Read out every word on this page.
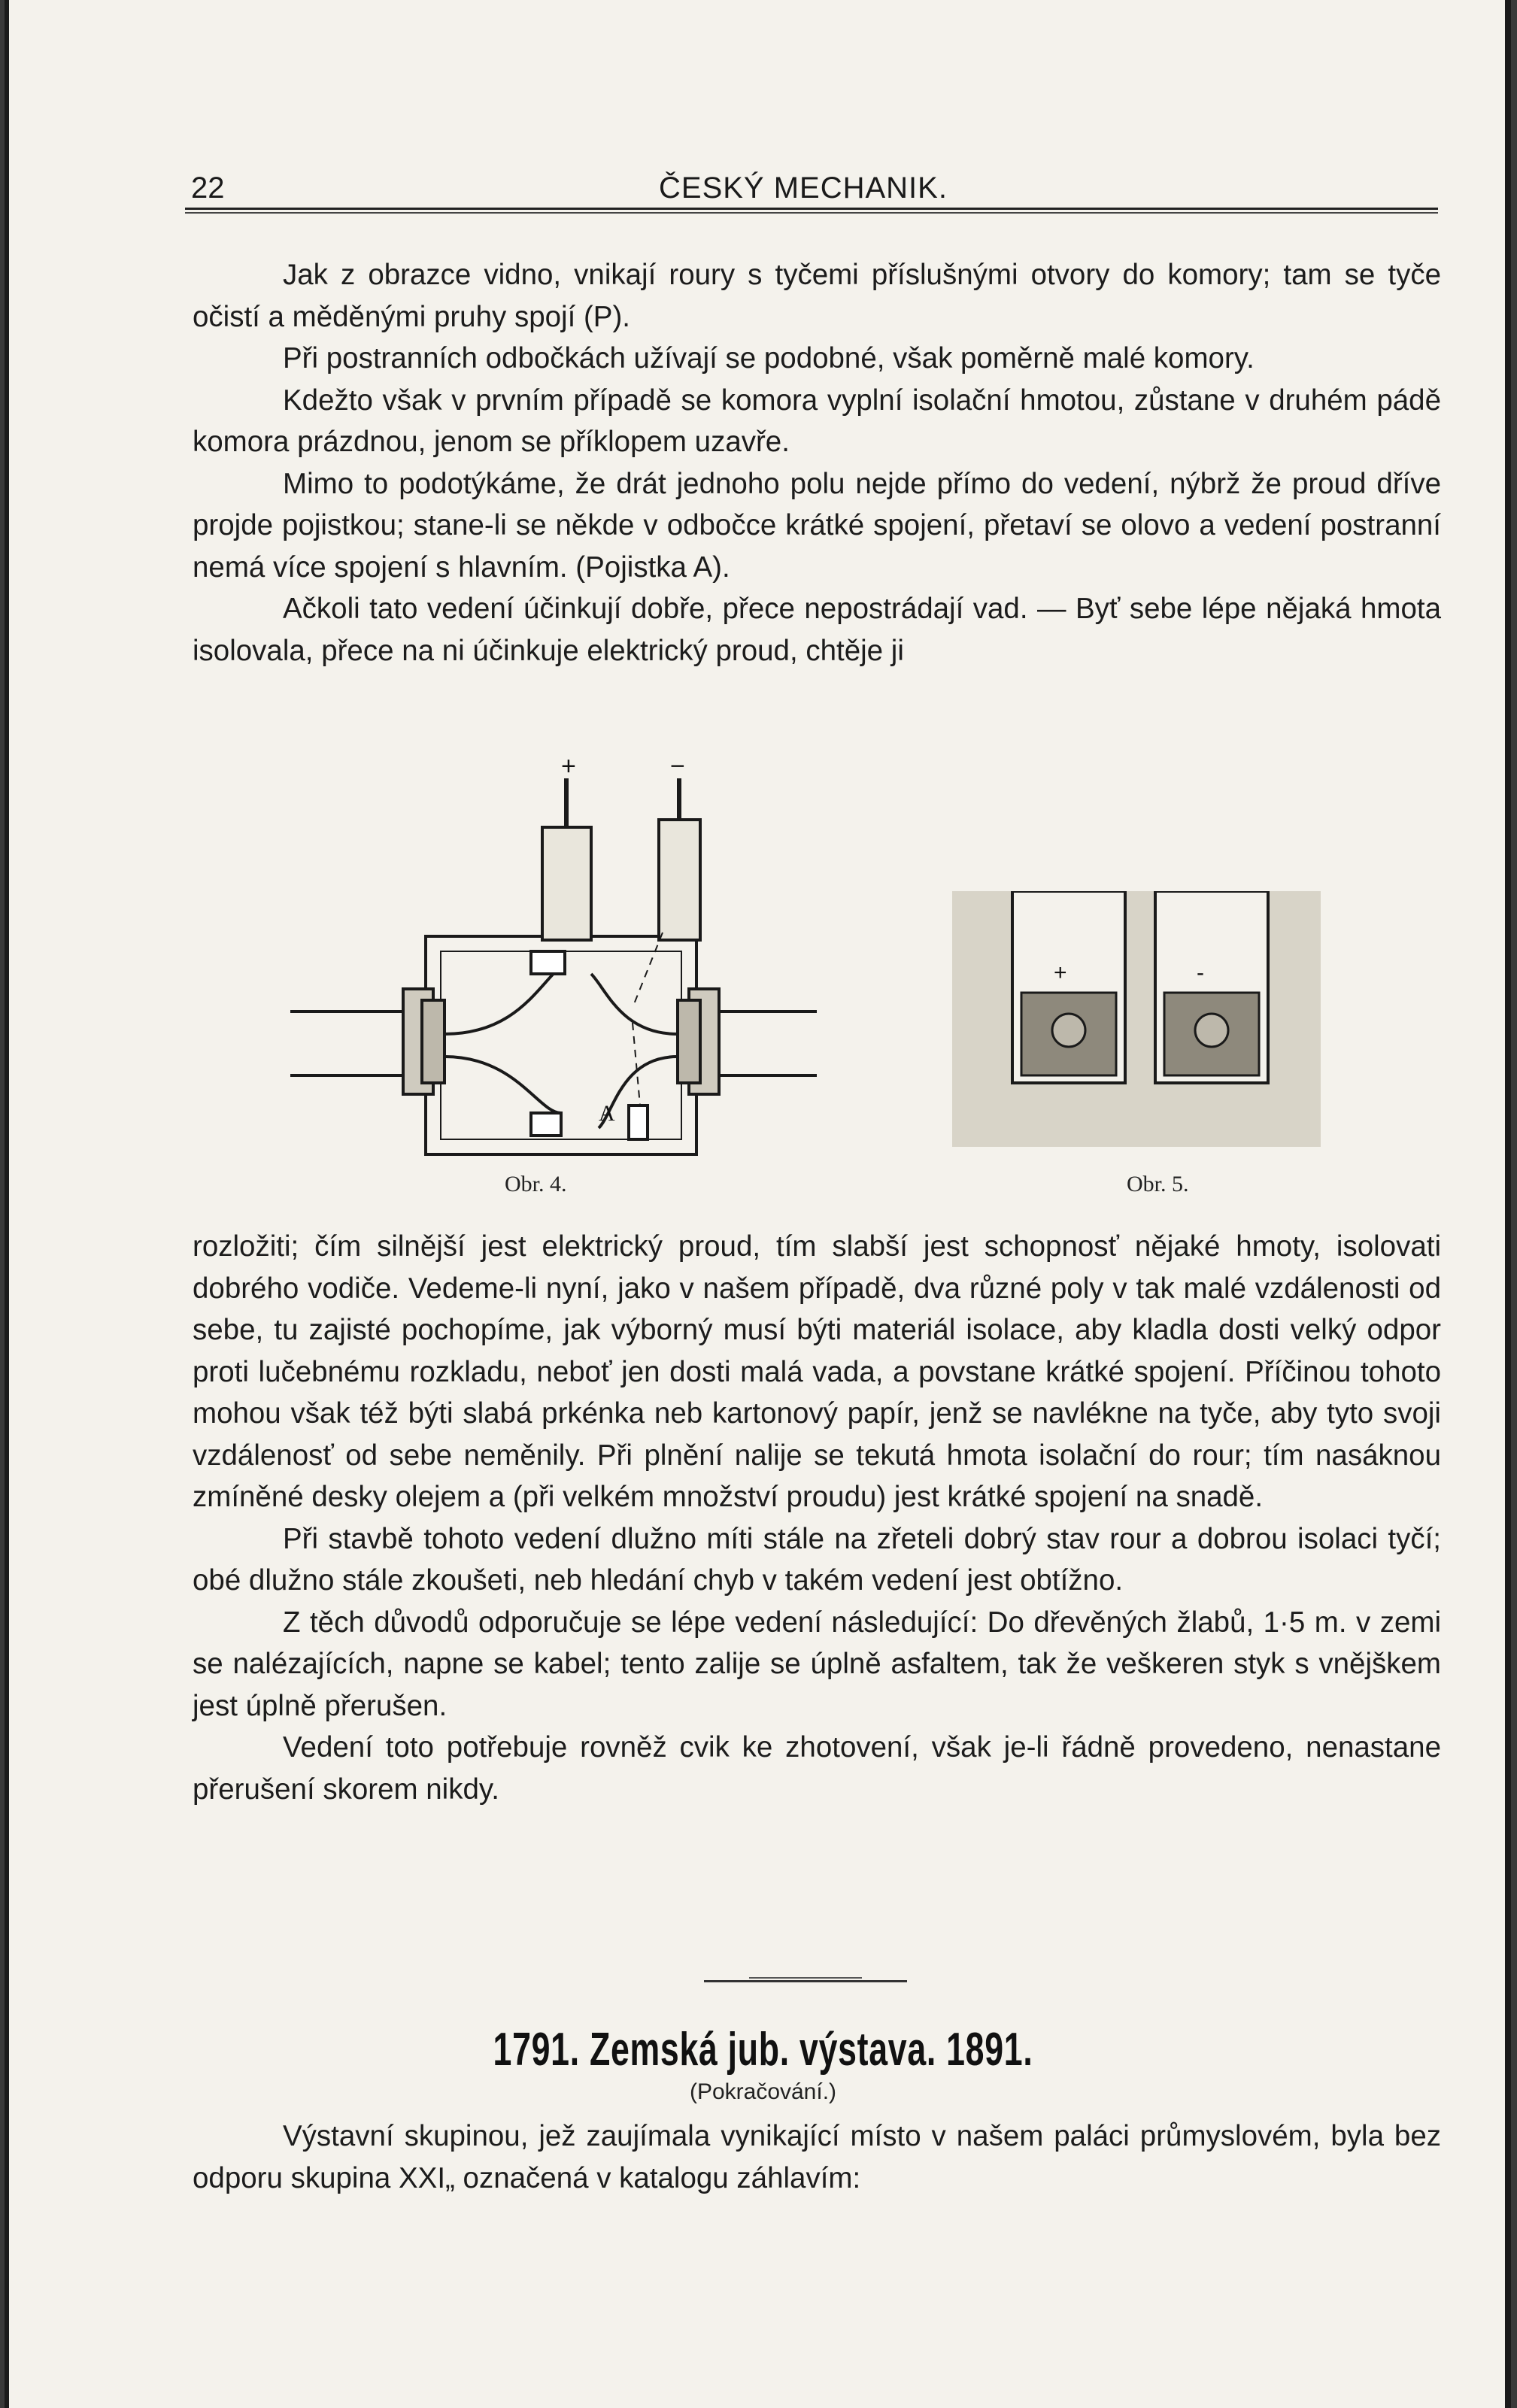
22	ČESKÝ MECHANIK.

Jak z obrazce vidno, vnikají roury s tyčemi příslušnými otvory do komory; tam se tyče očistí a měděnými pruhy spojí (P).

Při postranních odbočkách užívají se podobné, však poměrně malé komory.

Kdežto však v prvním případě se komora vyplní isolační hmotou, zůstane v druhém pádě komora prázdnou, jenom se příklopem uzavře.

Mimo to podotýkáme, že drát jednoho polu nejde přímo do vedení, nýbrž že proud dříve projde pojistkou; stane-li se někde v odbočce krátké spojení, přetaví se olovo a vedení postranní nemá více spojení s hlavním. (Pojistka A).

Ačkoli tato vedení účinkují dobře, přece nepostrádají vad. — Byť sebe lépe nějaká hmota isolovala, přece na ni účinkuje elektrický proud, chtěje ji

+	−
A
Obr. 4.
+	-
Obr. 5.

rozložiti; čím silnější jest elektrický proud, tím slabší jest schopnosť nějaké hmoty, isolovati dobrého vodiče. Vedeme-li nyní, jako v našem případě, dva různé poly v tak malé vzdálenosti od sebe, tu zajisté pochopíme, jak výborný musí býti materiál isolace, aby kladla dosti velký odpor proti lučebnému rozkladu, neboť jen dosti malá vada, a povstane krátké spojení. Příčinou tohoto mohou však též býti slabá prkénka neb kartonový papír, jenž se navlékne na tyče, aby tyto svoji vzdálenosť od sebe neměnily. Při plnění nalije se tekutá hmota isolační do rour; tím nasáknou zmíněné desky olejem a (při velkém množství proudu) jest krátké spojení na snadě.

Při stavbě tohoto vedení dlužno míti stále na zřeteli dobrý stav rour a dobrou isolaci tyčí; obé dlužno stále zkoušeti, neb hledání chyb v takém vedení jest obtížno.

Z těch důvodů odporučuje se lépe vedení následující: Do dřevěných žlabů, 1·5 m. v zemi se nalézajících, napne se kabel; tento zalije se úplně asfaltem, tak že veškeren styk s vnějškem jest úplně přerušen.

Vedení toto potřebuje rovněž cvik ke zhotovení, však je-li řádně provedeno, nenastane přerušení skorem nikdy.

1791. Zemská jub. výstava. 1891.
(Pokračování.)

Výstavní skupinou, jež zaujímala vynikající místo v našem paláci průmyslovém, byla bez odporu skupina XXI„ označená v katalogu záhlavím:
